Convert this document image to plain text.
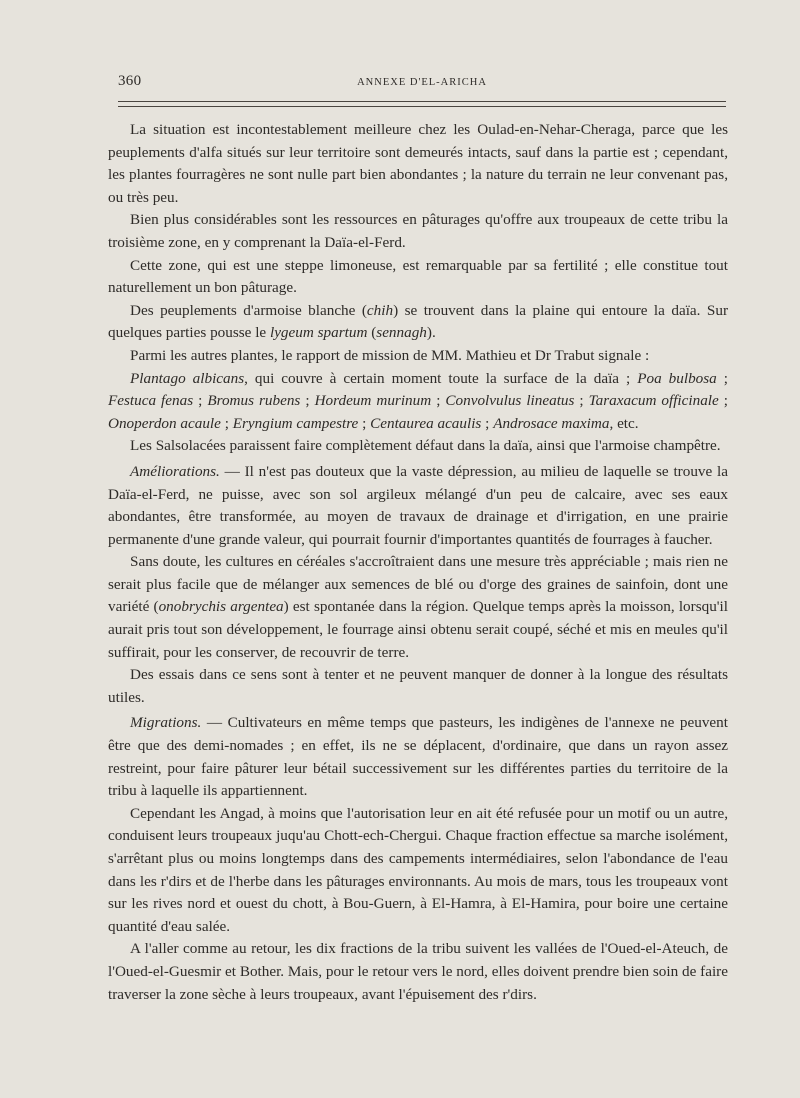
360	ANNEXE D'EL-ARICHA

La situation est incontestablement meilleure chez les Oulad-en-Nehar-Cheraga, parce que les peuplements d'alfa situés sur leur territoire sont demeurés intacts, sauf dans la partie est ; cependant, les plantes fourragères ne sont nulle part bien abondantes ; la nature du terrain ne leur convenant pas, ou très peu.

Bien plus considérables sont les ressources en pâturages qu'offre aux troupeaux de cette tribu la troisième zone, en y comprenant la Daïa-el-Ferd.

Cette zone, qui est une steppe limoneuse, est remarquable par sa fertilité ; elle constitue tout naturellement un bon pâturage.

Des peuplements d'armoise blanche (chih) se trouvent dans la plaine qui entoure la daïa. Sur quelques parties pousse le lygeum spartum (sennagh).

Parmi les autres plantes, le rapport de mission de MM. Mathieu et Dr Trabut signale :

Plantago albicans, qui couvre à certain moment toute la surface de la daïa ; Poa bulbosa ; Festuca fenas ; Bromus rubens ; Hordeum murinum ; Convolvulus lineatus ; Taraxacum officinale ; Onoperdon acaule ; Eryngium campestre ; Centaurea acaulis ; Androsace maxima, etc.

Les Salsolacées paraissent faire complètement défaut dans la daïa, ainsi que l'armoise champêtre.

Améliorations. — Il n'est pas douteux que la vaste dépression, au milieu de laquelle se trouve la Daïa-el-Ferd, ne puisse, avec son sol argileux mélangé d'un peu de calcaire, avec ses eaux abondantes, être transformée, au moyen de travaux de drainage et d'irrigation, en une prairie permanente d'une grande valeur, qui pourrait fournir d'importantes quantités de fourrages à faucher.

Sans doute, les cultures en céréales s'accroîtraient dans une mesure très appréciable ; mais rien ne serait plus facile que de mélanger aux semences de blé ou d'orge des graines de sainfoin, dont une variété (onobrychis argentea) est spontanée dans la région. Quelque temps après la moisson, lorsqu'il aurait pris tout son développement, le fourrage ainsi obtenu serait coupé, séché et mis en meules qu'il suffirait, pour les conserver, de recouvrir de terre.

Des essais dans ce sens sont à tenter et ne peuvent manquer de donner à la longue des résultats utiles.

Migrations. — Cultivateurs en même temps que pasteurs, les indigènes de l'annexe ne peuvent être que des demi-nomades ; en effet, ils ne se déplacent, d'ordinaire, que dans un rayon assez restreint, pour faire pâturer leur bétail successivement sur les différentes parties du territoire de la tribu à laquelle ils appartiennent.

Cependant les Angad, à moins que l'autorisation leur en ait été refusée pour un motif ou un autre, conduisent leurs troupeaux juqu'au Chott-ech-Chergui. Chaque fraction effectue sa marche isolément, s'arrêtant plus ou moins longtemps dans des campements intermédiaires, selon l'abondance de l'eau dans les r'dirs et de l'herbe dans les pâturages environnants. Au mois de mars, tous les troupeaux vont sur les rives nord et ouest du chott, à Bou-Guern, à El-Hamra, à El-Hamira, pour boire une certaine quantité d'eau salée.

A l'aller comme au retour, les dix fractions de la tribu suivent les vallées de l'Oued-el-Ateuch, de l'Oued-el-Guesmir et Bother. Mais, pour le retour vers le nord, elles doivent prendre bien soin de faire traverser la zone sèche à leurs troupeaux, avant l'épuisement des r'dirs.
